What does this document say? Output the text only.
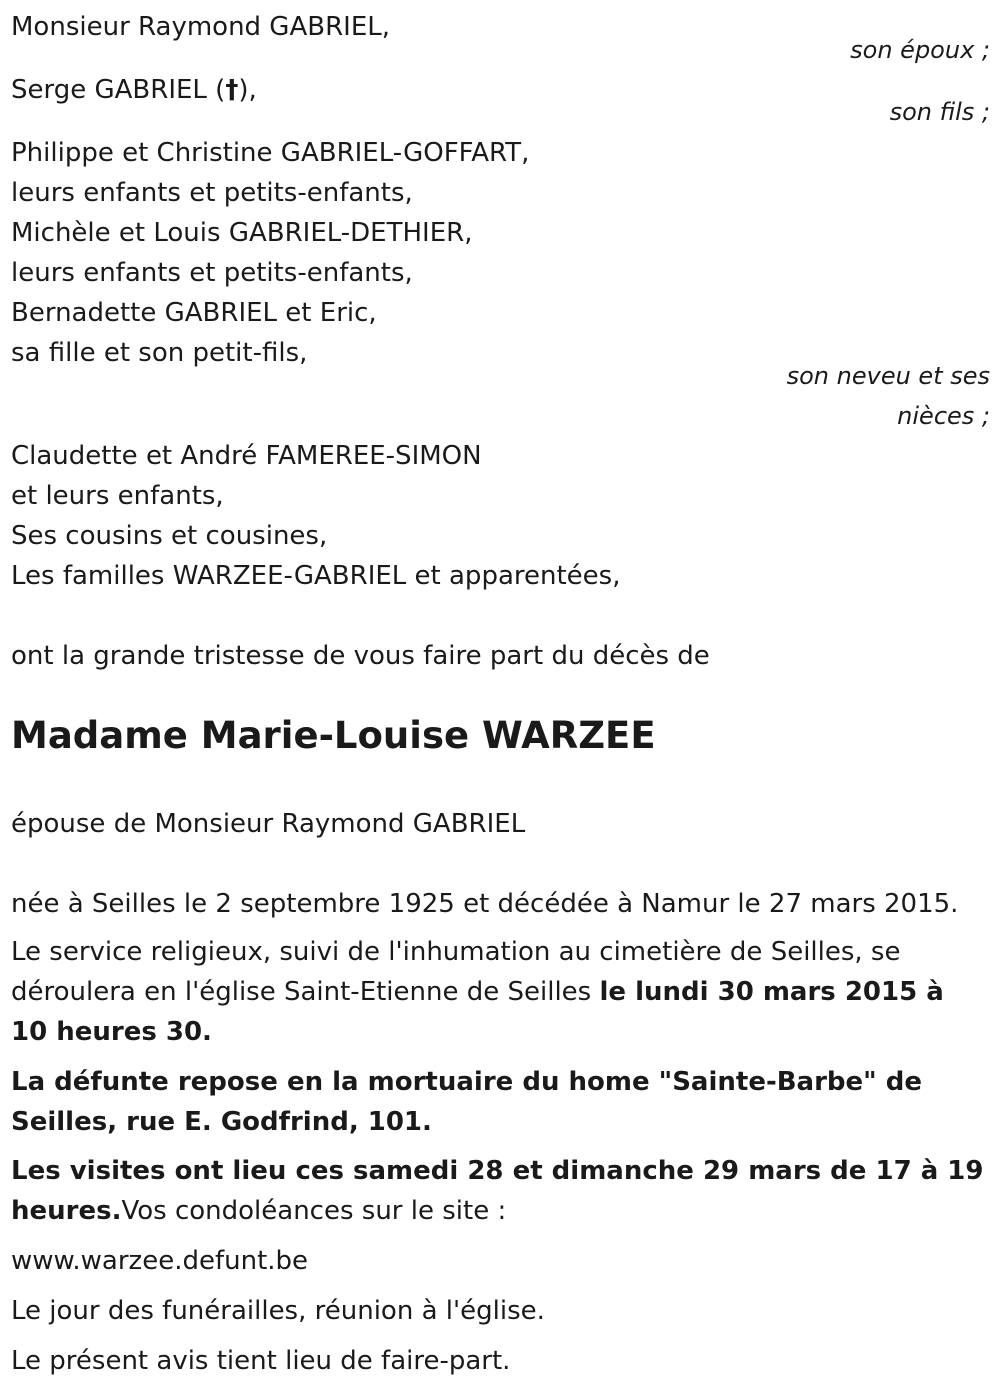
Monsieur Raymond GABRIEL,
son époux ;
Serge GABRIEL (†),
son fils ;
Philippe et Christine GABRIEL-GOFFART,
leurs enfants et petits-enfants,
Michèle et Louis GABRIEL-DETHIER,
leurs enfants et petits-enfants,
Bernadette GABRIEL et Eric,
sa fille et son petit-fils,
son neveu et ses
nièces ;
Claudette et André FAMEREE-SIMON
et leurs enfants,
Ses cousins et cousines,
Les familles WARZEE-GABRIEL et apparentées,
ont la grande tristesse de vous faire part du décès de
Madame Marie-Louise WARZEE
épouse de Monsieur Raymond GABRIEL
née à Seilles le 2 septembre 1925 et décédée à Namur le 27 mars 2015.
Le service religieux, suivi de l'inhumation au cimetière de Seilles, se déroulera en l'église Saint-Etienne de Seilles le lundi 30 mars 2015 à 10 heures 30.
La défunte repose en la mortuaire du home "Sainte-Barbe" de Seilles, rue E. Godfrind, 101.
Les visites ont lieu ces samedi 28 et dimanche 29 mars de 17 à 19 heures.Vos condoléances sur le site :
www.warzee.defunt.be
Le jour des funérailles, réunion à l'église.
Le présent avis tient lieu de faire-part.
